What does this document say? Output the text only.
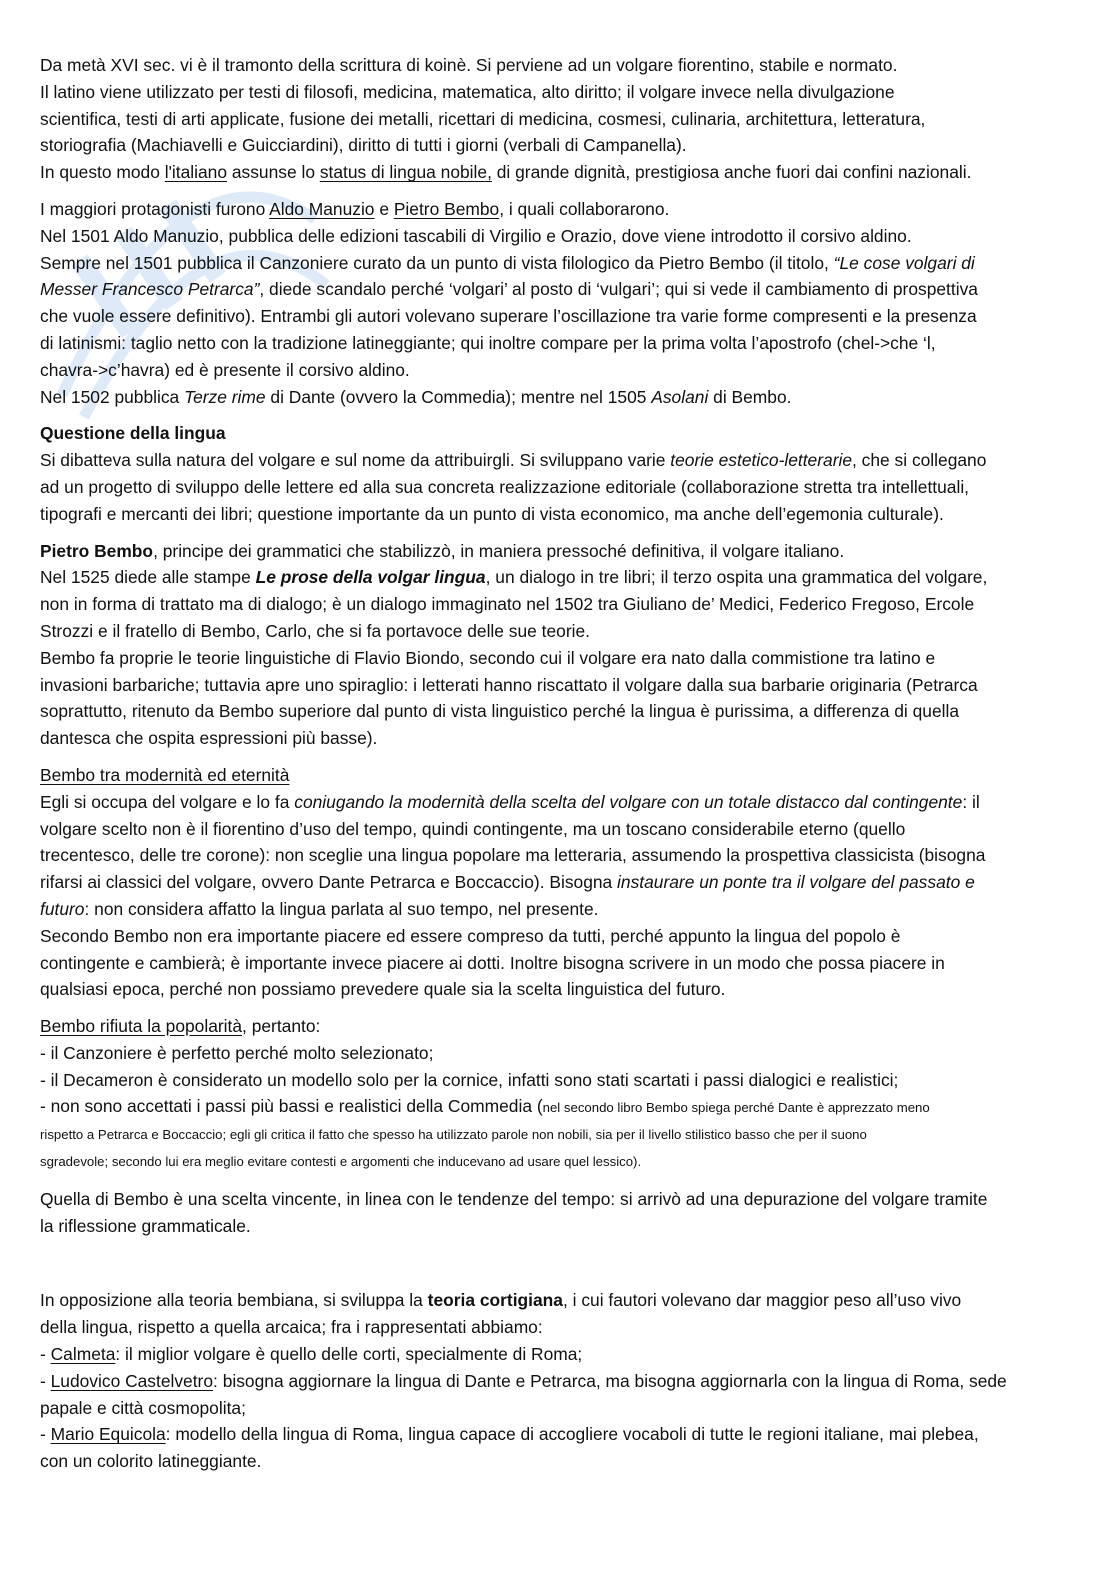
Da metà XVI sec. vi è il tramonto della scrittura di koinè. Si perviene ad un volgare fiorentino, stabile e normato.
Il latino viene utilizzato per testi di filosofi, medicina, matematica, alto diritto; il volgare invece nella divulgazione
scientifica, testi di arti applicate, fusione dei metalli, ricettari di medicina, cosmesi, culinaria, architettura, letteratura,
storiografia (Machiavelli e Guicciardini), diritto di tutti i giorni (verbali di Campanella).
In questo modo l'italiano assunse lo status di lingua nobile, di grande dignità, prestigiosa anche fuori dai confini nazionali.
I maggiori protagonisti furono Aldo Manuzio e Pietro Bembo, i quali collaborarono.
Nel 1501 Aldo Manuzio, pubblica delle edizioni tascabili di Virgilio e Orazio, dove viene introdotto il corsivo aldino.
Sempre nel 1501 pubblica il Canzoniere curato da un punto di vista filologico da Pietro Bembo (il titolo, “Le cose volgari di
Messer Francesco Petrarca”, diede scandalo perché ‘volgari’ al posto di ‘vulgari’; qui si vede il cambiamento di prospettiva
che vuole essere definitivo). Entrambi gli autori volevano superare l’oscillazione tra varie forme compresenti e la presenza
di latinismi: taglio netto con la tradizione latineggiante; qui inoltre compare per la prima volta l’apostrofo (chel->che ‘l,
chavra->c’havra) ed è presente il corsivo aldino.
Nel 1502 pubblica Terze rime di Dante (ovvero la Commedia); mentre nel 1505 Asolani di Bembo.
Questione della lingua
Si dibatteva sulla natura del volgare e sul nome da attribuirgli. Si sviluppano varie teorie estetico-letterarie, che si collegano
ad un progetto di sviluppo delle lettere ed alla sua concreta realizzazione editoriale (collaborazione stretta tra intellettuali,
tipografi e mercanti dei libri; questione importante da un punto di vista economico, ma anche dell’egemonia culturale).
Pietro Bembo, principe dei grammatici che stabilizzò, in maniera pressoché definitiva, il volgare italiano.
Nel 1525 diede alle stampe Le prose della volgar lingua, un dialogo in tre libri; il terzo ospita una grammatica del volgare,
non in forma di trattato ma di dialogo; è un dialogo immaginato nel 1502 tra Giuliano de’ Medici, Federico Fregoso, Ercole
Strozzi e il fratello di Bembo, Carlo, che si fa portavoce delle sue teorie.
Bembo fa proprie le teorie linguistiche di Flavio Biondo, secondo cui il volgare era nato dalla commistione tra latino e
invasioni barbariche; tuttavia apre uno spiraglio: i letterati hanno riscattato il volgare dalla sua barbarie originaria (Petrarca
soprattutto, ritenuto da Bembo superiore dal punto di vista linguistico perché la lingua è purissima, a differenza di quella
dantesca che ospita espressioni più basse).
Bembo tra modernità ed eternità
Egli si occupa del volgare e lo fa coniugando la modernità della scelta del volgare con un totale distacco dal contingente: il
volgare scelto non è il fiorentino d’uso del tempo, quindi contingente, ma un toscano considerabile eterno (quello
trecentesco, delle tre corone): non sceglie una lingua popolare ma letteraria, assumendo la prospettiva classicista (bisogna
rifarsi ai classici del volgare, ovvero Dante Petrarca e Boccaccio). Bisogna instaurare un ponte tra il volgare del passato e
futuro: non considera affatto la lingua parlata al suo tempo, nel presente.
Secondo Bembo non era importante piacere ed essere compreso da tutti, perché appunto la lingua del popolo è
contingente e cambierà; è importante invece piacere ai dotti. Inoltre bisogna scrivere in un modo che possa piacere in
qualsiasi epoca, perché non possiamo prevedere quale sia la scelta linguistica del futuro.
Bembo rifiuta la popolarità, pertanto:
- il Canzoniere è perfetto perché molto selezionato;
- il Decameron è considerato un modello solo per la cornice, infatti sono stati scartati i passi dialogici e realistici;
- non sono accettati i passi più bassi e realistici della Commedia (nel secondo libro Bembo spiega perché Dante è apprezzato meno
rispetto a Petrarca e Boccaccio; egli gli critica il fatto che spesso ha utilizzato parole non nobili, sia per il livello stilistico basso che per il suono
sgradevole; secondo lui era meglio evitare contesti e argomenti che inducevano ad usare quel lessico).
Quella di Bembo è una scelta vincente, in linea con le tendenze del tempo: si arrivò ad una depurazione del volgare tramite
la riflessione grammaticale.
In opposizione alla teoria bembiana, si sviluppa la teoria cortigiana, i cui fautori volevano dar maggior peso all’uso vivo
della lingua, rispetto a quella arcaica; fra i rappresentati abbiamo:
- Calmeta: il miglior volgare è quello delle corti, specialmente di Roma;
- Ludovico Castelvetro: bisogna aggiornare la lingua di Dante e Petrarca, ma bisogna aggiornarla con la lingua di Roma, sede
papale e città cosmopolita;
- Mario Equicola: modello della lingua di Roma, lingua capace di accogliere vocaboli di tutte le regioni italiane, mai plebea,
con un colorito latineggiante.
